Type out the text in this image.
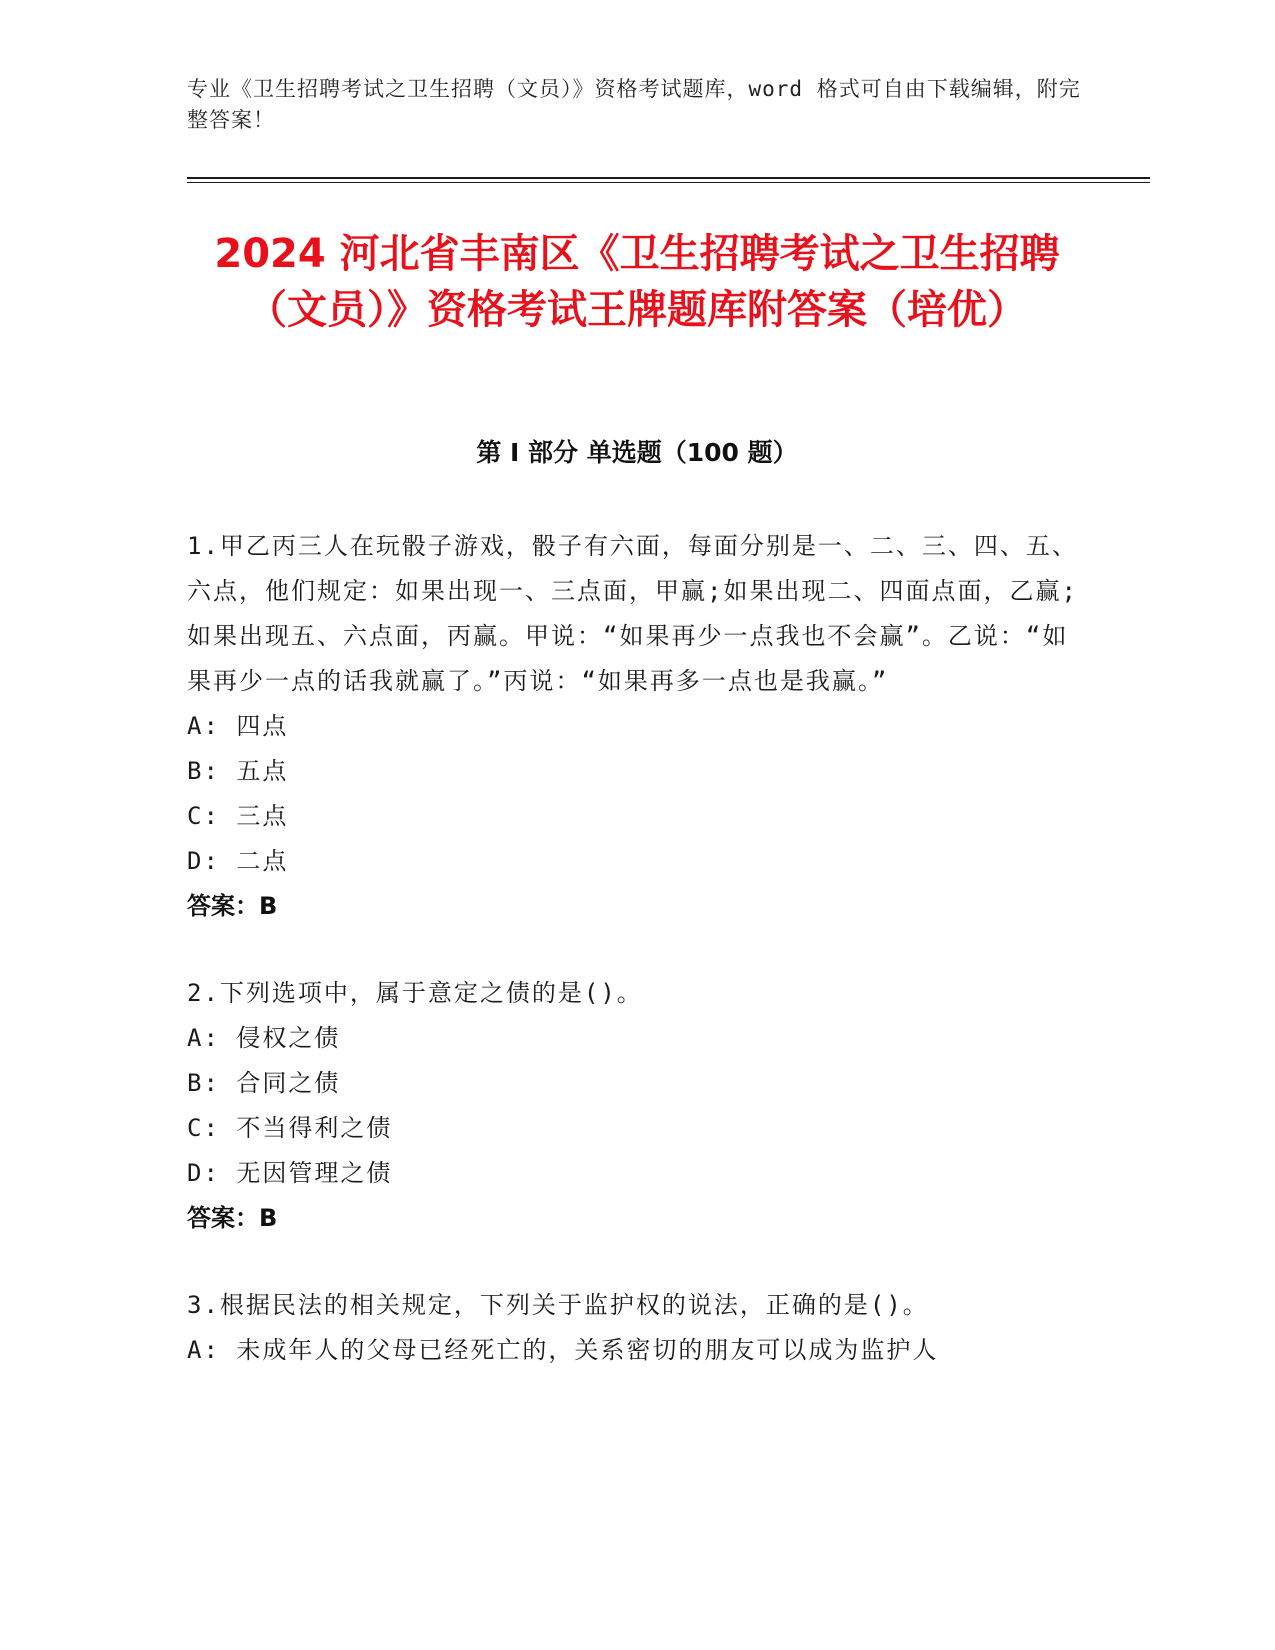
专业《卫生招聘考试之卫生招聘（文员）》资格考试题库，word 格式可自由下载编辑，附完整答案！
2024 河北省丰南区《卫生招聘考试之卫生招聘（文员）》资格考试王牌题库附答案（培优）
第 I 部分 单选题（100 题）
1.甲乙丙三人在玩骰子游戏，骰子有六面，每面分别是一、二、三、四、五、六点，他们规定：如果出现一、三点面，甲赢;如果出现二、四面点面，乙赢;如果出现五、六点面，丙赢。甲说：“如果再少一点我也不会赢”。乙说：“如果再少一点的话我就赢了。”丙说：“如果再多一点也是我赢。”
A: 四点
B: 五点
C: 三点
D: 二点
答案：B
2.下列选项中，属于意定之债的是()。
A: 侵权之债
B: 合同之债
C: 不当得利之债
D: 无因管理之债
答案：B
3.根据民法的相关规定，下列关于监护权的说法，正确的是()。
A: 未成年人的父母已经死亡的，关系密切的朋友可以成为监护人
